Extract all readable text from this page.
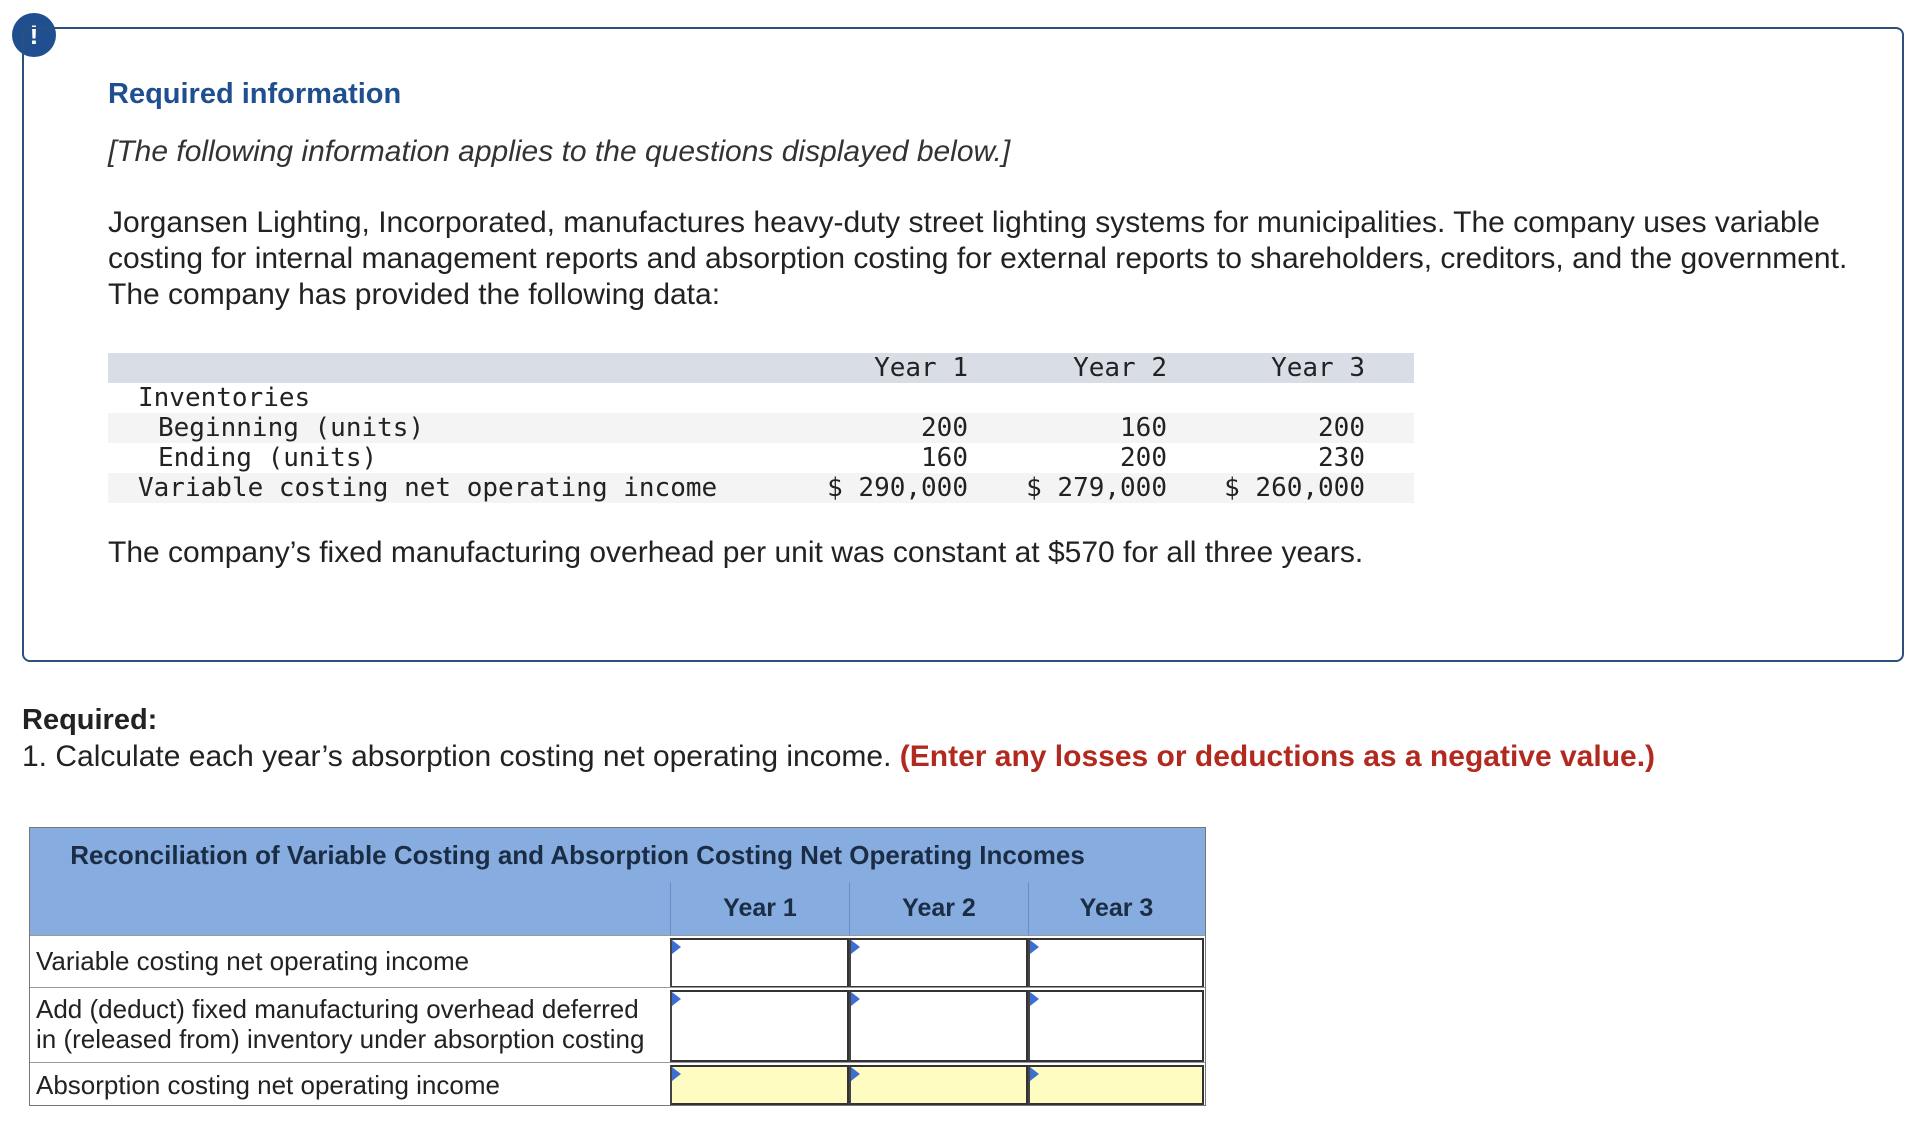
!
Required information
[The following information applies to the questions displayed below.]
Jorgansen Lighting, Incorporated, manufactures heavy-duty street lighting systems for municipalities. The company uses variable costing for internal management reports and absorption costing for external reports to shareholders, creditors, and the government. The company has provided the following data:
Year 1	Year 2	Year 3
Inventories
Beginning (units)	200	160	200
Ending (units)	160	200	230
Variable costing net operating income	$ 290,000 $ 279,000 $ 260,000
The company’s fixed manufacturing overhead per unit was constant at $570 for all three years.
Required:
1. Calculate each year’s absorption costing net operating income. (Enter any losses or deductions as a negative value.)
Reconciliation of Variable Costing and Absorption Costing Net Operating Incomes
Year 1	Year 2	Year 3
Variable costing net operating income
Add (deduct) fixed manufacturing overhead deferred
in (released from) inventory under absorption costing
Absorption costing net operating income
